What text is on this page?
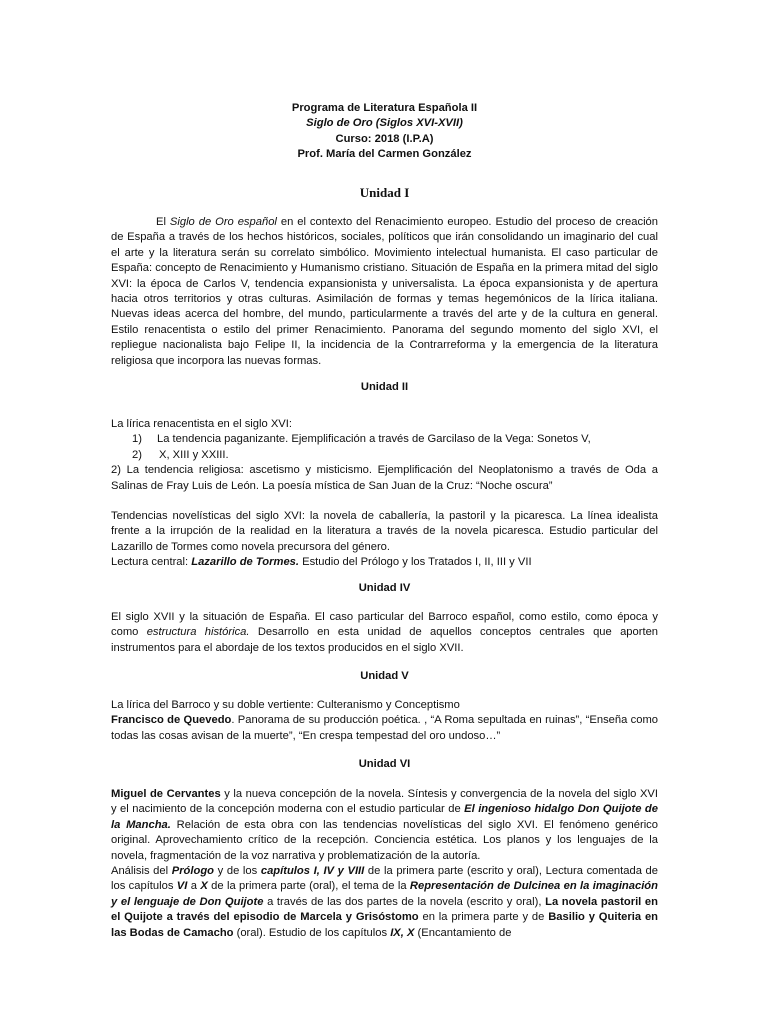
Programa de Literatura Española II
Siglo de Oro (Siglos XVI-XVII)
Curso: 2018 (I.P.A)
Prof. María del Carmen González
Unidad I

El Siglo de Oro español en el contexto del Renacimiento europeo. Estudio del proceso de creación de España a través de los hechos históricos, sociales, políticos que irán consolidando un imaginario del cual el arte y la literatura serán su correlato simbólico. Movimiento intelectual humanista. El caso particular de España: concepto de Renacimiento y Humanismo cristiano. Situación de España en la primera mitad del siglo XVI: la época de Carlos V, tendencia expansionista y universalista. La época expansionista y de apertura hacia otros territorios y otras culturas. Asimilación de formas y temas hegemónicos de la lírica italiana. Nuevas ideas acerca del hombre, del mundo, particularmente a través del arte y de la cultura en general. Estilo renacentista o estilo del primer Renacimiento. Panorama del segundo momento del siglo XVI, el repliegue nacionalista bajo Felipe II, la incidencia de la Contrarreforma y la emergencia de la literatura religiosa que incorpora las nuevas formas.

Unidad II

La lírica renacentista en el siglo XVI:

1)	La tendencia paganizante. Ejemplificación a través de Garcilaso de la Vega: Sonetos V,
2)	X, XIII y XXIII.

2) La tendencia religiosa: ascetismo y misticismo. Ejemplificación del Neoplatonismo a través de Oda a Salinas de Fray Luis de León. La poesía mística de San Juan de la Cruz: “Noche oscura”

Tendencias novelísticas del siglo XVI: la novela de caballería, la pastoril y la picaresca. La línea idealista frente a la irrupción de la realidad en la literatura a través de la novela picaresca. Estudio particular del Lazarillo de Tormes como novela precursora del género.

Lectura central: Lazarillo de Tormes. Estudio del Prólogo y los Tratados I, II, III y VII

Unidad IV

El siglo XVII y la situación de España. El caso particular del Barroco español, como estilo, como época y como estructura histórica. Desarrollo en esta unidad de aquellos conceptos centrales que aporten instrumentos para el abordaje de los textos producidos en el siglo XVII.

Unidad V

La lírica del Barroco y su doble vertiente: Culteranismo y Conceptismo

Francisco de Quevedo. Panorama de su producción poética. , “A Roma sepultada en ruinas”, “Enseña como todas las cosas avisan de la muerte”, “En crespa tempestad del oro undoso…”

Unidad VI

Miguel de Cervantes y la nueva concepción de la novela. Síntesis y convergencia de la novela del siglo XVI y el nacimiento de la concepción moderna con el estudio particular de El ingenioso hidalgo Don Quijote de la Mancha. Relación de esta obra con las tendencias novelísticas del siglo XVI. El fenómeno genérico original. Aprovechamiento crítico de la recepción. Conciencia estética. Los planos y los lenguajes de la novela, fragmentación de la voz narrativa y problematización de la autoría.

Análisis del Prólogo y de los capítulos I, IV y VIII de la primera parte (escrito y oral), Lectura comentada de los capítulos VI a X de la primera parte (oral), el tema de la Representación de Dulcinea en la imaginación y el lenguaje de Don Quijote a través de las dos partes de la novela (escrito y oral), La novela pastoril en el Quijote a través del episodio de Marcela y Grisóstomo en la primera parte y de Basilio y Quiteria en las Bodas de Camacho (oral). Estudio de los capítulos IX, X (Encantamiento de
